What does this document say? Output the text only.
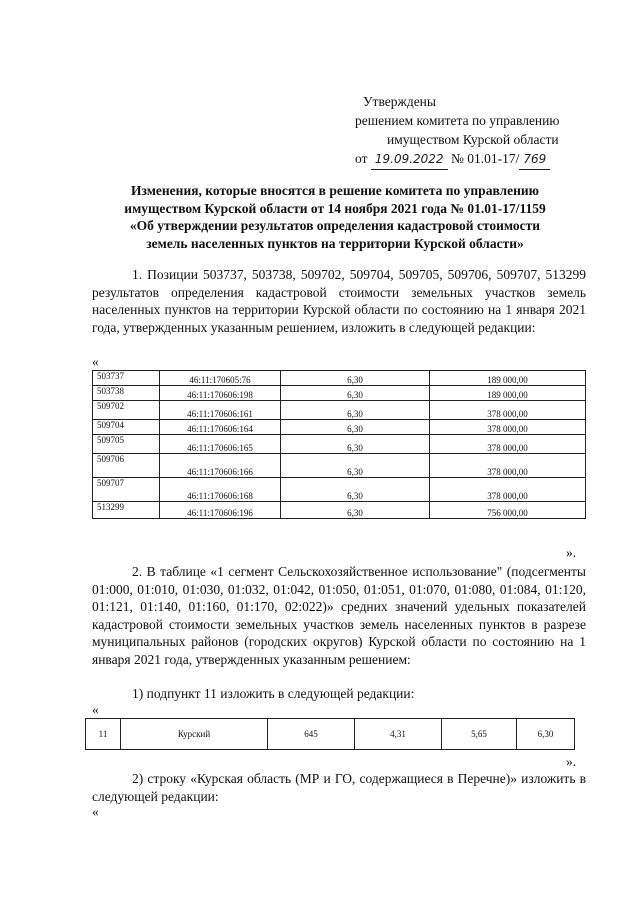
Утверждены
решением комитета по управлению
имуществом Курской области
от 19.09.2022 № 01.01-17/ 769
Изменения, которые вносятся в решение комитета по управлению
имуществом Курской области от 14 ноября 2021 года № 01.01-17/1159
«Об утверждении результатов определения кадастровой стоимости
земель населенных пунктов на территории Курской области»
1. Позиции 503737, 503738, 509702, 509704, 509705, 509706, 509707, 513299 результатов определения кадастровой стоимости земельных участков земель населенных пунктов на территории Курской области по состоянию на 1 января 2021 года, утвержденных указанным решением, изложить в следующей редакции:
«
503737	46:11:170605:76	6,30	189 000,00
503738	46:11:170606:198	6,30	189 000,00
509702	46:11:170606:161	6,30	378 000,00
509704	46:11:170606:164	6,30	378 000,00
509705	46:11:170606:165	6,30	378 000,00
509706	46:11:170606:166	6,30	378 000,00
509707	46:11:170606:168	6,30	378 000,00
513299	46:11:170606:196	6,30	756 000,00
».
2. В таблице «1 сегмент Сельскохозяйственное использование" (подсегменты 01:000, 01:010, 01:030, 01:032, 01:042, 01:050, 01:051, 01:070, 01:080, 01:084, 01:120, 01:121, 01:140, 01:160, 01:170, 02:022)» средних значений удельных показателей кадастровой стоимости земельных участков земель населенных пунктов в разрезе муниципальных районов (городских округов) Курской области по состоянию на 1 января 2021 года, утвержденных указанным решением:
1) подпункт 11 изложить в следующей редакции:
«
11	Курский	645	4,31	5,65	6,30
».
2) строку «Курская область (МР и ГО, содержащиеся в Перечне)» изложить в следующей редакции:
«
